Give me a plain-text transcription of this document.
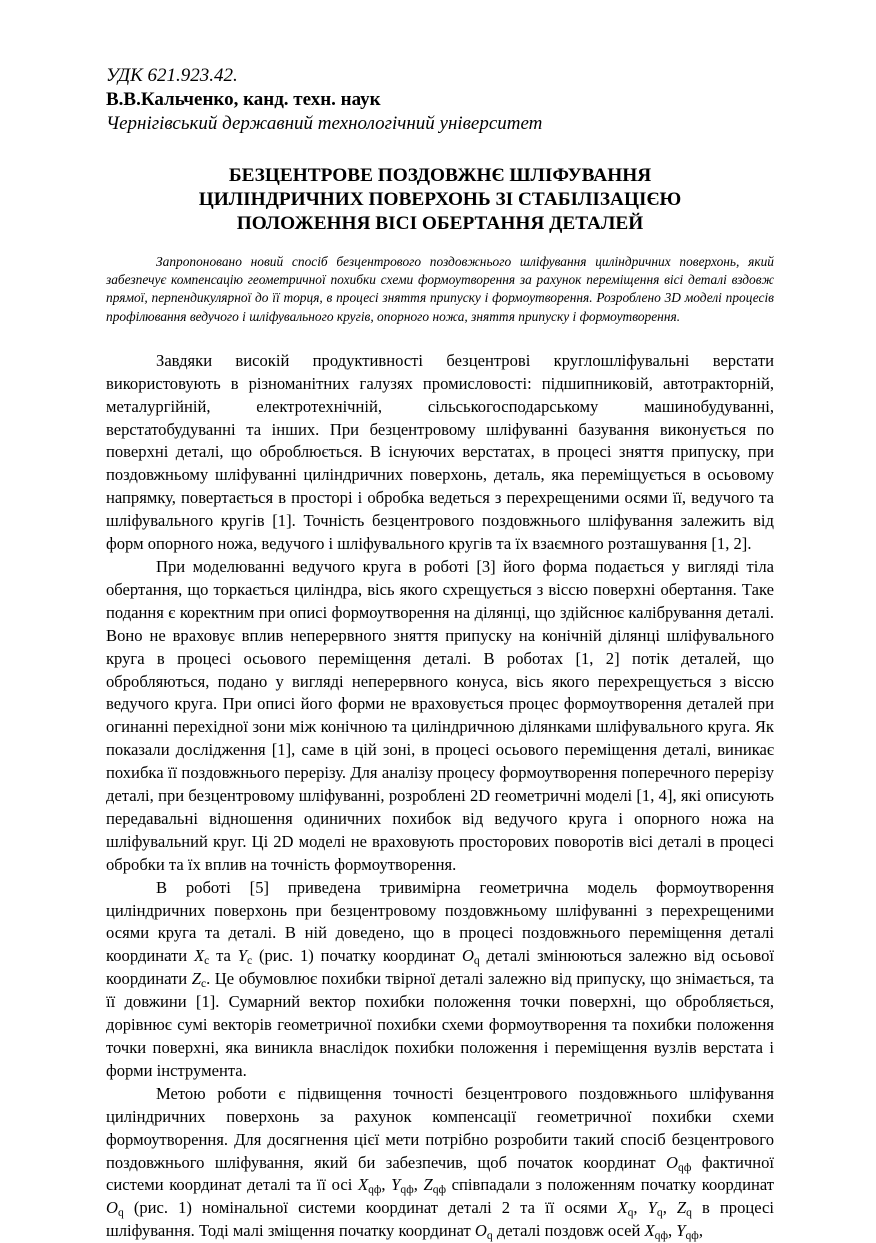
УДК 621.923.42.
В.В.Кальченко, канд. техн. наук
Чернігівський державний технологічний університет
БЕЗЦЕНТРОВЕ ПОЗДОВЖНЄ ШЛІФУВАННЯ
ЦИЛІНДРИЧНИХ ПОВЕРХОНЬ ЗІ СТАБІЛІЗАЦІЄЮ
ПОЛОЖЕННЯ ВІСІ ОБЕРТАННЯ ДЕТАЛЕЙ
Запропоновано новий спосіб безцентрового поздовжнього шліфування циліндричних поверхонь, який забезпечує компенсацію геометричної похибки схеми формоутворення за рахунок переміщення вісі деталі вздовж прямої, перпендикулярної до її торця, в процесі зняття припуску і формоутворення. Розроблено 3D моделі процесів профілювання ведучого і шліфувального кругів, опорного ножа, зняття припуску і формоутворення.

Завдяки високій продуктивності безцентрові круглошліфувальні верстати використовують в різноманітних галузях промисловості: підшипниковій, автотракторній, металургійній, електротехнічній, сільськогосподарському машинобудуванні, верстатобудуванні та інших. При безцентровому шліфуванні базування виконується по поверхні деталі, що оброблюється. В існуючих верстатах, в процесі зняття припуску, при поздовжньому шліфуванні циліндричних поверхонь, деталь, яка переміщується в осьовому напрямку, повертається в просторі і обробка ведеться з перехрещеними осями її, ведучого та шліфувального кругів [1]. Точність безцентрового поздовжнього шліфування залежить від форм опорного ножа, ведучого і шліфувального кругів та їх взаємного розташування [1, 2].

При моделюванні ведучого круга в роботі [3] його форма подається у вигляді тіла обертання, що торкається циліндра, вісь якого схрещується з віссю поверхні обертання. Таке подання є коректним при описі формоутворення на ділянці, що здійснює калібрування деталі. Воно не враховує вплив неперервного зняття припуску на конічній ділянці шліфувального круга в процесі осьового переміщення деталі. В роботах [1, 2] потік деталей, що обробляються, подано у вигляді неперервного конуса, вісь якого перехрещується з віссю ведучого круга. При описі його форми не враховується процес формоутворення деталей при огинанні перехідної зони між конічною та циліндричною ділянками шліфувального круга. Як показали дослідження [1], саме в цій зоні, в процесі осьового переміщення деталі, виникає похибка її поздовжнього перерізу. Для аналізу процесу формоутворення поперечного перерізу деталі, при безцентровому шліфуванні, розроблені 2D геометричні моделі [1, 4], які описують передавальні відношення одиничних похибок від ведучого круга і опорного ножа на шліфувальний круг. Ці 2D моделі не враховують просторових поворотів вісі деталі в процесі обробки та їх вплив на точність формоутворення.

В роботі [5] приведена тривимірна геометрична модель формоутворення циліндричних поверхонь при безцентровому поздовжньому шліфуванні з перехрещеними осями круга та деталі. В ній доведено, що в процесі поздовжнього переміщення деталі координати $X_c$ та $Y_c$ (рис. 1) початку координат $O_q$ деталі змінюються залежно від осьової координати $Z_c$. Це обумовлює похибки твірної деталі залежно від припуску, що знімається, та її довжини [1]. Сумарний вектор похибки положення точки поверхні, що обробляється, дорівнює сумі векторів геометричної похибки схеми формоутворення та похибки положення точки поверхні, яка виникла внаслідок похибки положення і переміщення вузлів верстата і форми інструмента.

Метою роботи є підвищення точності безцентрового поздовжнього шліфування циліндричних поверхонь за рахунок компенсації геометричної похибки схеми формоутворення. Для досягнення цієї мети потрібно розробити такий спосіб безцентрового поздовжнього шліфування, який би забезпечив, щоб початок координат $O_{qф}$ фактичної системи координат деталі та її осі $X_{qф}$, $Y_{qф}$, $Z_{qф}$ співпадали з положенням початку координат $O_q$ (рис. 1) номінальної системи координат деталі 2 та її осями $X_q$, $Y_q$, $Z_q$ в процесі шліфування. Тоді малі зміщення початку координат $O_q$ деталі поздовж осей $X_{qф}$, $Y_{qф}$,
